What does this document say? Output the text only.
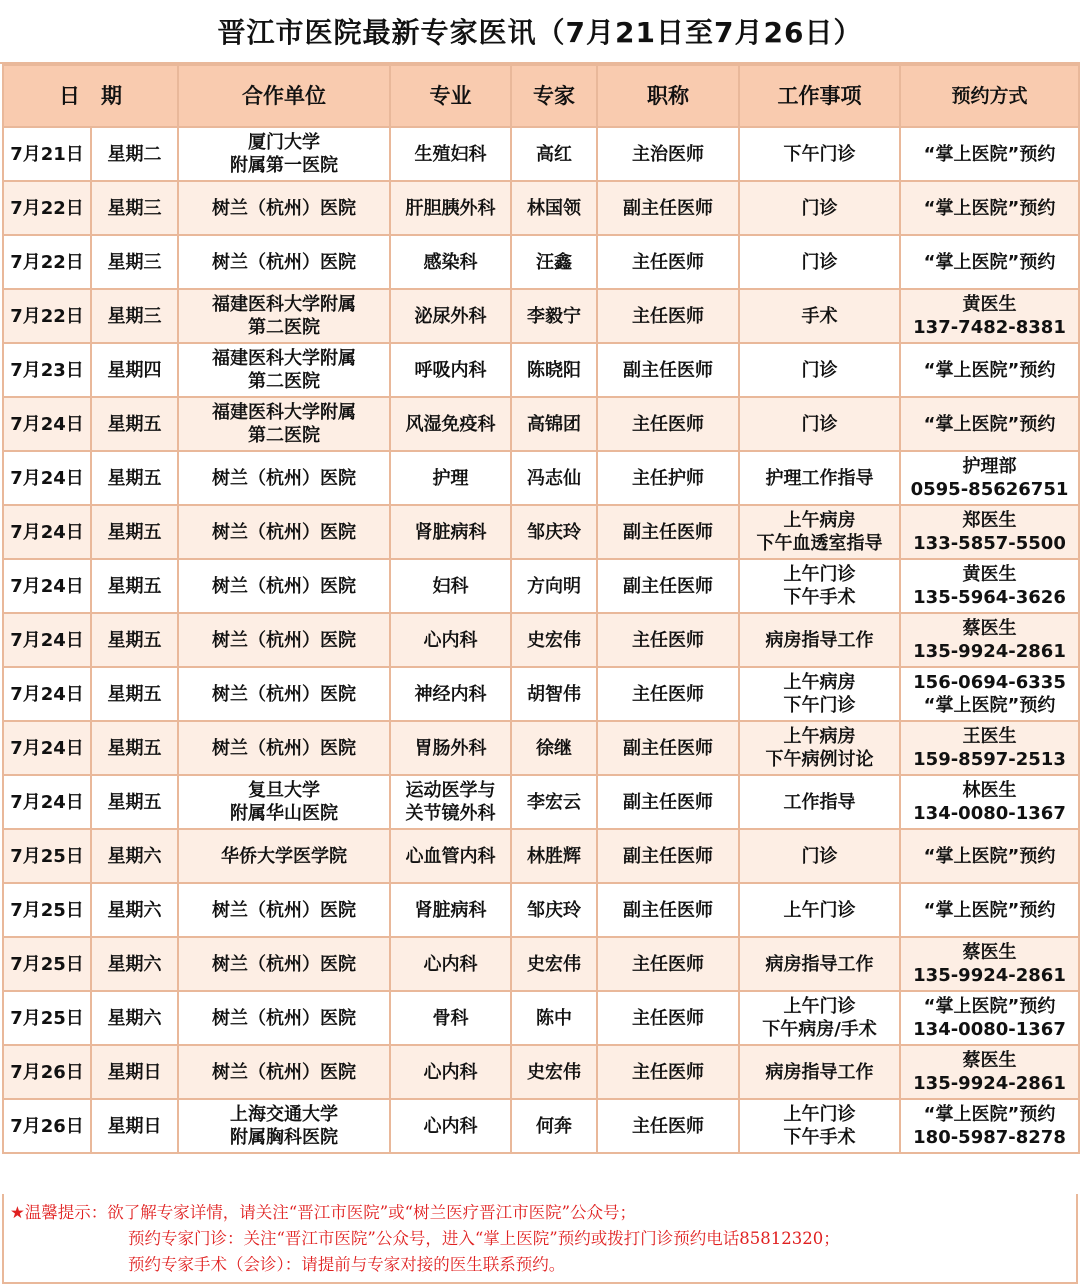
晋江市医院最新专家医讯（7月21日至7月26日）
日　期		合作单位	专业	专家	职称	工作事项	预约方式
7月21日	星期二	厦门大学
附属第一医院	生殖妇科	高红	主治医师	下午门诊	“掌上医院”预约

7月22日	星期三	树兰（杭州）医院	肝胆胰外科	林国领	副主任医师	门诊	“掌上医院”预约

7月22日	星期三	树兰（杭州）医院	感染科	汪鑫	主任医师	门诊	“掌上医院”预约

7月22日	星期三	福建医科大学附属
第二医院	泌尿外科	李毅宁	主任医师	手术	黄医生
137-7482-8381

7月23日	星期四	福建医科大学附属
第二医院	呼吸内科	陈晓阳	副主任医师	门诊	“掌上医院”预约

7月24日	星期五	福建医科大学附属
第二医院	风湿免疫科	高锦团	主任医师	门诊	“掌上医院”预约

7月24日	星期五	树兰（杭州）医院	护理	冯志仙	主任护师	护理工作指导	护理部
0595-85626751

7月24日	星期五	树兰（杭州）医院	肾脏病科	邹庆玲	副主任医师	上午病房
下午血透室指导	郑医生
133-5857-5500

7月24日	星期五	树兰（杭州）医院	妇科	方向明	副主任医师	上午门诊
下午手术	黄医生
135-5964-3626

7月24日	星期五	树兰（杭州）医院	心内科	史宏伟	主任医师	病房指导工作	蔡医生
135-9924-2861

7月24日	星期五	树兰（杭州）医院	神经内科	胡智伟	主任医师	上午病房
下午门诊	156-0694-6335
“掌上医院”预约

7月24日	星期五	树兰（杭州）医院	胃肠外科	徐继	副主任医师	上午病房
下午病例讨论	王医生
159-8597-2513

7月24日	星期五	复旦大学
附属华山医院	运动医学与
关节镜外科	李宏云	副主任医师	工作指导	林医生
134-0080-1367

7月25日	星期六	华侨大学医学院	心血管内科	林胜辉	副主任医师	门诊	“掌上医院”预约

7月25日	星期六	树兰（杭州）医院	肾脏病科	邹庆玲	副主任医师	上午门诊	“掌上医院”预约

7月25日	星期六	树兰（杭州）医院	心内科	史宏伟	主任医师	病房指导工作	蔡医生
135-9924-2861

7月25日	星期六	树兰（杭州）医院	骨科	陈中	主任医师	上午门诊
下午病房/手术	“掌上医院”预约
134-0080-1367

7月26日	星期日	树兰（杭州）医院	心内科	史宏伟	主任医师	病房指导工作	蔡医生
135-9924-2861

7月26日	星期日	上海交通大学
附属胸科医院	心内科	何奔	主任医师	上午门诊
下午手术	“掌上医院”预约
180-5987-8278
★温馨提示：欲了解专家详情，请关注“晋江市医院”或“树兰医疗晋江市医院”公众号；
预约专家门诊：关注“晋江市医院”公众号，进入“掌上医院”预约或拨打门诊预约电话85812320；
预约专家手术（会诊）：请提前与专家对接的医生联系预约。
